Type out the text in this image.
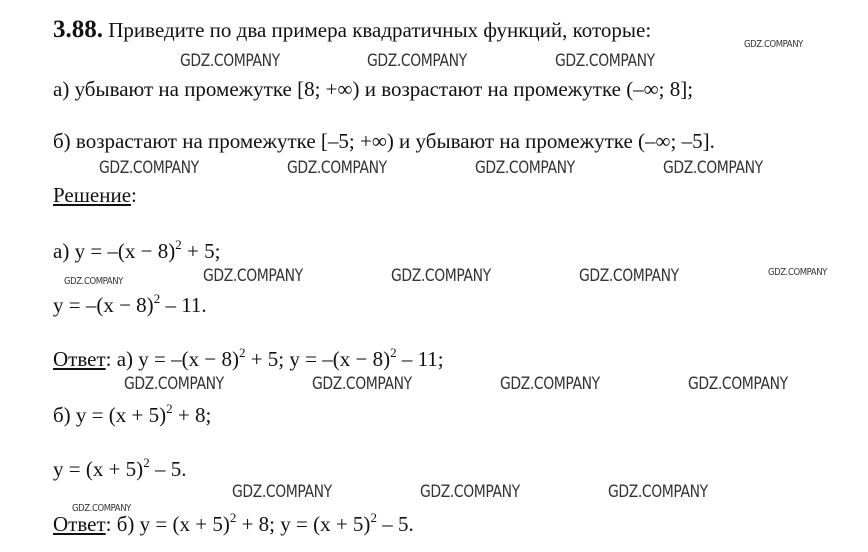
3.88. Приведите по два примера квадратичных функций, которые:
а) убывают на промежутке [8; +∞) и возрастают на промежутке (–∞; 8];
б) возрастают на промежутке [–5; +∞) и убывают на промежутке (–∞; –5].
Решение:
а) $y = -(x - 8)^2 + 5$;
$y = -(x - 8)^2 - 11$.
Ответ: а) $y = -(x - 8)^2 + 5$; $y = -(x - 8)^2 - 11$;
б) $y = (x + 5)^2 + 8$;
$y = (x + 5)^2 - 5$.
Ответ: б) $y = (x + 5)^2 + 8$; $y = (x + 5)^2 - 5$.
GDZ.COMPANY
GDZ.COMPANY	GDZ.COMPANY	GDZ.COMPANY
GDZ.COMPANY	GDZ.COMPANY	GDZ.COMPANY	GDZ.COMPANY
GDZ.COMPANY	GDZ.COMPANY	GDZ.COMPANY	GDZ.COMPANY	GDZ.COMPANY
GDZ.COMPANY	GDZ.COMPANY	GDZ.COMPANY	GDZ.COMPANY
GDZ.COMPANY	GDZ.COMPANY	GDZ.COMPANY
GDZ.COMPANY
